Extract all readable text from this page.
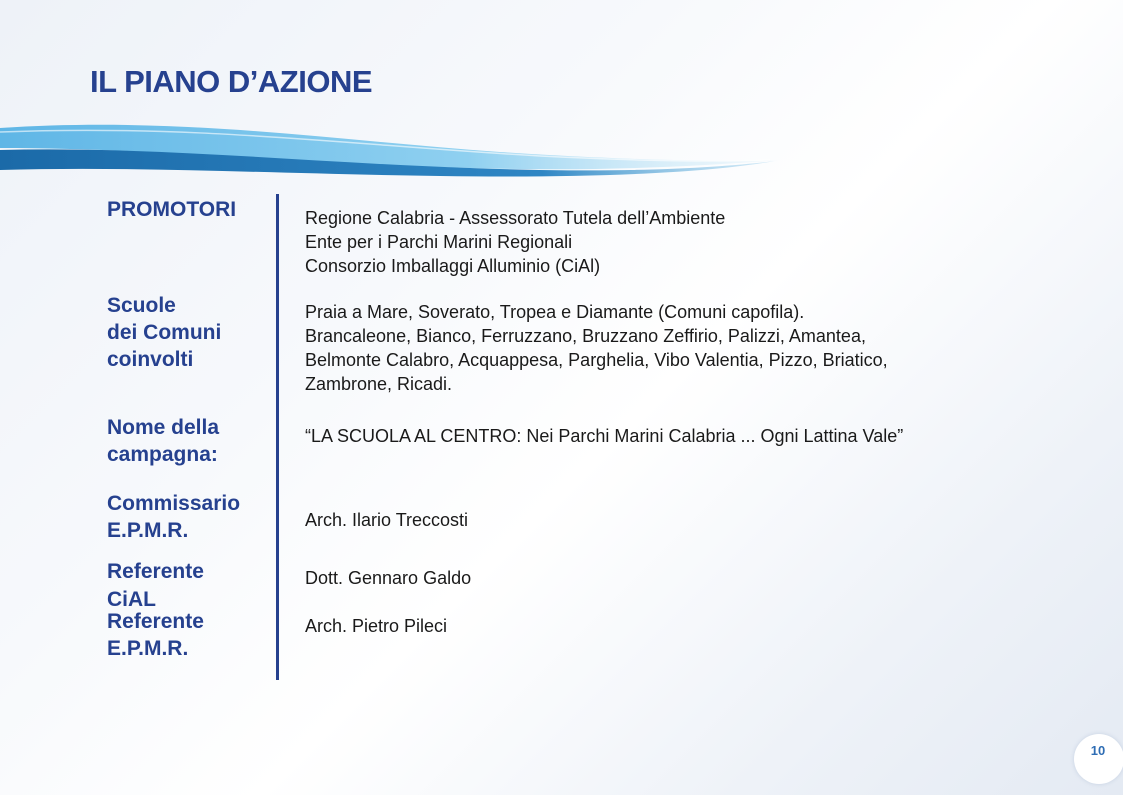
IL PIANO D’AZIONE
PROMOTORI	Regione Calabria - Assessorato Tutela dell’Ambiente
Ente per i Parchi Marini Regionali
Consorzio Imballaggi Alluminio (CiAl)
Scuole
dei Comuni
coinvolti
Praia a Mare, Soverato, Tropea e Diamante (Comuni capofila).
Brancaleone, Bianco, Ferruzzano, Bruzzano Zeffirio, Palizzi, Amantea,
Belmonte Calabro, Acquappesa, Parghelia, Vibo Valentia, Pizzo, Briatico,
Zambrone, Ricadi.
Nome della
campagna:
“LA SCUOLA AL CENTRO: Nei Parchi Marini Calabria ... Ogni Lattina Vale”
Commissario
E.P.M.R.	Arch. Ilario Treccosti
Referente
CiAL
Dott. Gennaro Galdo
Referente
E.P.M.R.
Arch. Pietro Pileci
10
